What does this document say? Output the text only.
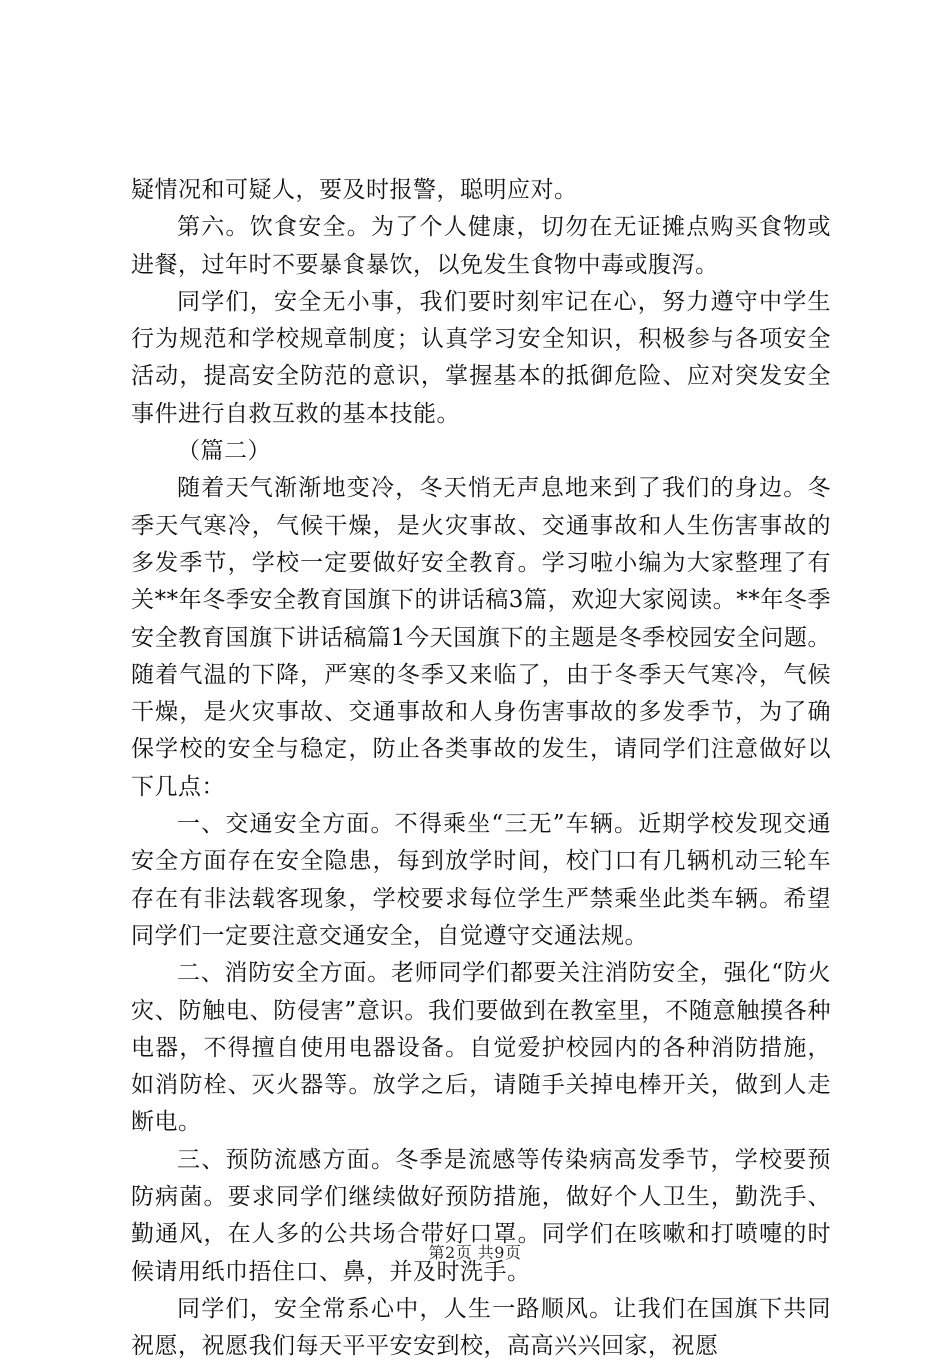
疑情况和可疑人，要及时报警，聪明应对。

第六。饮食安全。为了个人健康，切勿在无证摊点购买食物或进餐，过年时不要暴食暴饮，以免发生食物中毒或腹泻。

同学们，安全无小事，我们要时刻牢记在心，努力遵守中学生行为规范和学校规章制度；认真学习安全知识，积极参与各项安全活动，提高安全防范的意识，掌握基本的抵御危险、应对突发安全事件进行自救互救的基本技能。

（篇二）

随着天气渐渐地变冷，冬天悄无声息地来到了我们的身边。冬季天气寒冷，气候干燥，是火灾事故、交通事故和人生伤害事故的多发季节，学校一定要做好安全教育。学习啦小编为大家整理了有关**年冬季安全教育国旗下的讲话稿3篇，欢迎大家阅读。**年冬季安全教育国旗下讲话稿篇1今天国旗下的主题是冬季校园安全问题。随着气温的下降，严寒的冬季又来临了，由于冬季天气寒冷，气候干燥，是火灾事故、交通事故和人身伤害事故的多发季节，为了确保学校的安全与稳定，防止各类事故的发生，请同学们注意做好以下几点：

一、交通安全方面。不得乘坐“三无”车辆。近期学校发现交通安全方面存在安全隐患，每到放学时间，校门口有几辆机动三轮车存在有非法载客现象，学校要求每位学生严禁乘坐此类车辆。希望同学们一定要注意交通安全，自觉遵守交通法规。

二、消防安全方面。老师同学们都要关注消防安全，强化“防火灾、防触电、防侵害”意识。我们要做到在教室里，不随意触摸各种电器，不得擅自使用电器设备。自觉爱护校园内的各种消防措施，如消防栓、灭火器等。放学之后，请随手关掉电棒开关，做到人走断电。

三、预防流感方面。冬季是流感等传染病高发季节，学校要预防病菌。要求同学们继续做好预防措施，做好个人卫生，勤洗手、勤通风，在人多的公共场合带好口罩。同学们在咳嗽和打喷嚏的时候请用纸巾捂住口、鼻，并及时洗手。

同学们，安全常系心中，人生一路顺风。让我们在国旗下共同祝愿，祝愿我们每天平平安安到校，高高兴兴回家，祝愿

第2页 共9页
